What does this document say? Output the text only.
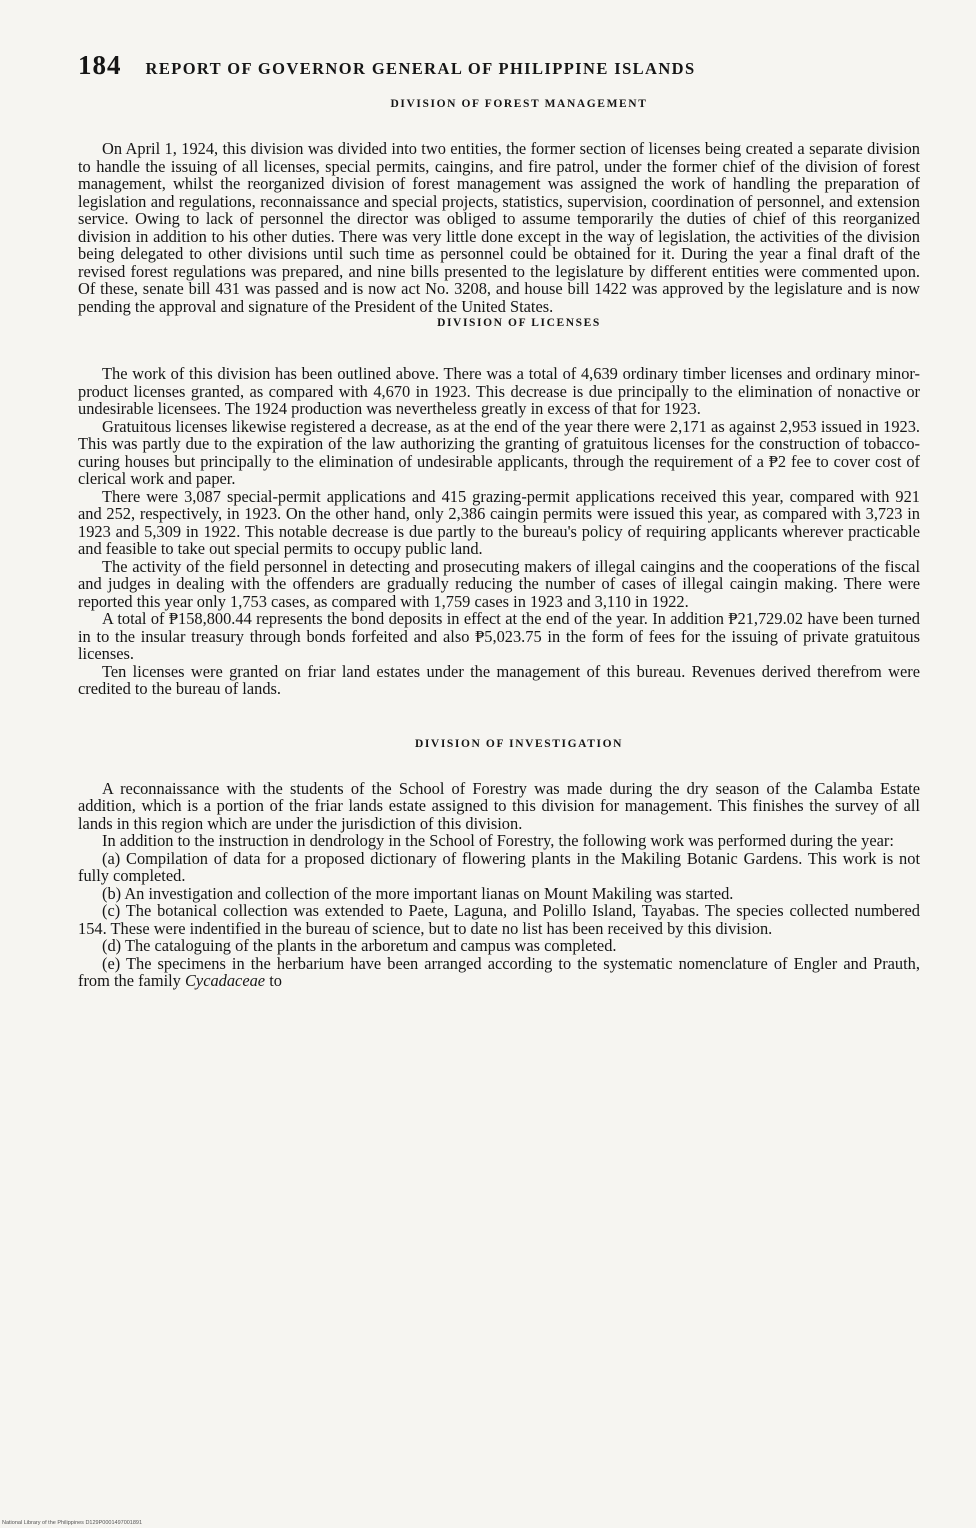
184 REPORT OF GOVERNOR GENERAL OF PHILIPPINE ISLANDS
DIVISION OF FOREST MANAGEMENT

On April 1, 1924, this division was divided into two entities, the former section of licenses being created a separate division to handle the issuing of all licenses, special permits, caingins, and fire patrol, under the former chief of the division of forest management, whilst the reorganized division of forest management was assigned the work of handling the preparation of legislation and regulations, reconnaissance and special projects, statistics, supervision, coordination of personnel, and extension service. Owing to lack of personnel the director was obliged to assume temporarily the duties of chief of this reorganized division in addition to his other duties. There was very little done except in the way of legislation, the activities of the division being delegated to other divisions until such time as personnel could be obtained for it. During the year a final draft of the revised forest regulations was prepared, and nine bills presented to the legislature by different entities were commented upon. Of these, senate bill 431 was passed and is now act No. 3208, and house bill 1422 was approved by the legislature and is now pending the approval and signature of the President of the United States.

DIVISION OF LICENSES

The work of this division has been outlined above. There was a total of 4,639 ordinary timber licenses and ordinary minor-product licenses granted, as compared with 4,670 in 1923. This decrease is due principally to the elimination of nonactive or undesirable licensees. The 1924 production was nevertheless greatly in excess of that for 1923.

Gratuitous licenses likewise registered a decrease, as at the end of the year there were 2,171 as against 2,953 issued in 1923. This was partly due to the expiration of the law authorizing the granting of gratuitous licenses for the construction of tobacco-curing houses but principally to the elimination of undesirable applicants, through the requirement of a ₱2 fee to cover cost of clerical work and paper.

There were 3,087 special-permit applications and 415 grazing-permit applications received this year, compared with 921 and 252, respectively, in 1923. On the other hand, only 2,386 caingin permits were issued this year, as compared with 3,723 in 1923 and 5,309 in 1922. This notable decrease is due partly to the bureau's policy of requiring applicants wherever practicable and feasible to take out special permits to occupy public land.

The activity of the field personnel in detecting and prosecuting makers of illegal caingins and the cooperations of the fiscal and judges in dealing with the offenders are gradually reducing the number of cases of illegal caingin making. There were reported this year only 1,753 cases, as compared with 1,759 cases in 1923 and 3,110 in 1922.

A total of ₱158,800.44 represents the bond deposits in effect at the end of the year. In addition ₱21,729.02 have been turned in to the insular treasury through bonds forfeited and also ₱5,023.75 in the form of fees for the issuing of private gratuitous licenses.

Ten licenses were granted on friar land estates under the management of this bureau. Revenues derived therefrom were credited to the bureau of lands.

DIVISION OF INVESTIGATION

A reconnaissance with the students of the School of Forestry was made during the dry season of the Calamba Estate addition, which is a portion of the friar lands estate assigned to this division for management. This finishes the survey of all lands in this region which are under the jurisdiction of this division.

In addition to the instruction in dendrology in the School of Forestry, the following work was performed during the year:

(a) Compilation of data for a proposed dictionary of flowering plants in the Makiling Botanic Gardens. This work is not fully completed.

(b) An investigation and collection of the more important lianas on Mount Makiling was started.

(c) The botanical collection was extended to Paete, Laguna, and Polillo Island, Tayabas. The species collected numbered 154. These were indentified in the bureau of science, but to date no list has been received by this division.

(d) The cataloguing of the plants in the arboretum and campus was completed.

(e) The specimens in the herbarium have been arranged according to the systematic nomenclature of Engler and Prauth, from the family Cycadaceae to

National Library of the Philippines D129P0001497001891
